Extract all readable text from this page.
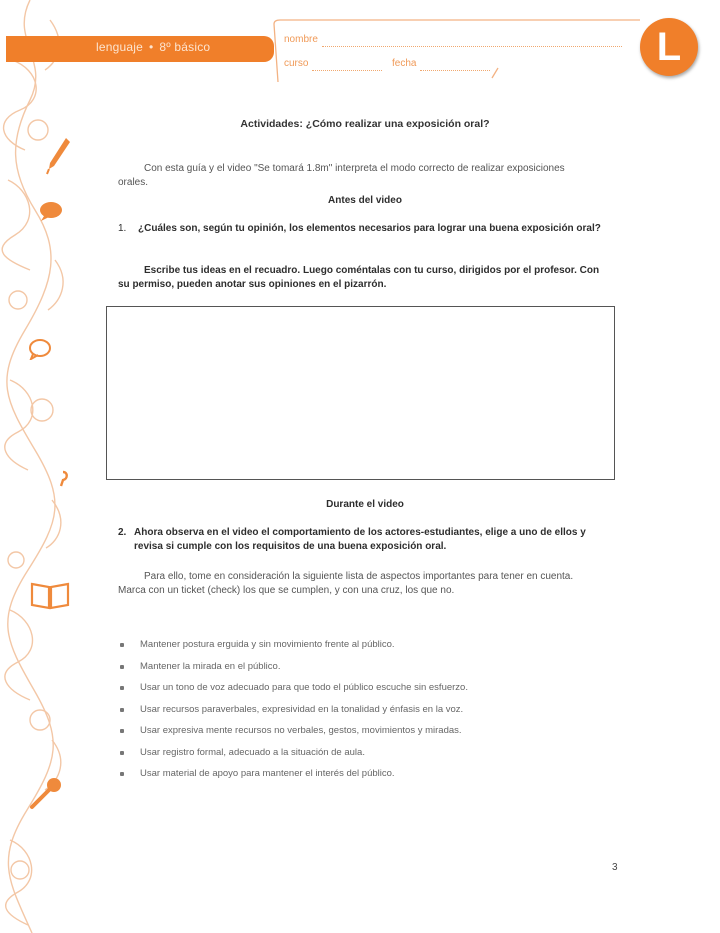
lenguaje • 8º básico
nombre
curso	fecha	L
Actividades: ¿Cómo realizar una exposición oral?
Con esta guía y el video "Se tomará 1.8m" interpreta el modo correcto de realizar exposiciones orales.
Antes del video
1.	¿Cuáles son, según tu opinión, los elementos necesarios para lograr una buena exposición oral?
Escribe tus ideas en el recuadro. Luego coméntalas con tu curso, dirigidos por el profesor. Con su permiso, pueden anotar sus opiniones en el pizarrón.
Durante el video
2. Ahora observa en el video el comportamiento de los actores-estudiantes, elige a uno de ellos y revisa si cumple con los requisitos de una buena exposición oral.
Para ello, tome en consideración la siguiente lista de aspectos importantes para tener en cuenta. Marca con un ticket (check) los que se cumplen, y con una cruz, los que no.
Mantener postura erguida y sin movimiento frente al público.
Mantener la mirada en el público.
Usar un tono de voz adecuado para que todo el público escuche sin esfuerzo.
Usar recursos paraverbales, expresividad en la tonalidad y énfasis en la voz.
Usar expresiva mente recursos no verbales, gestos, movimientos y miradas.
Usar registro formal, adecuado a la situación de aula.
Usar material de apoyo para mantener el interés del público.
3
